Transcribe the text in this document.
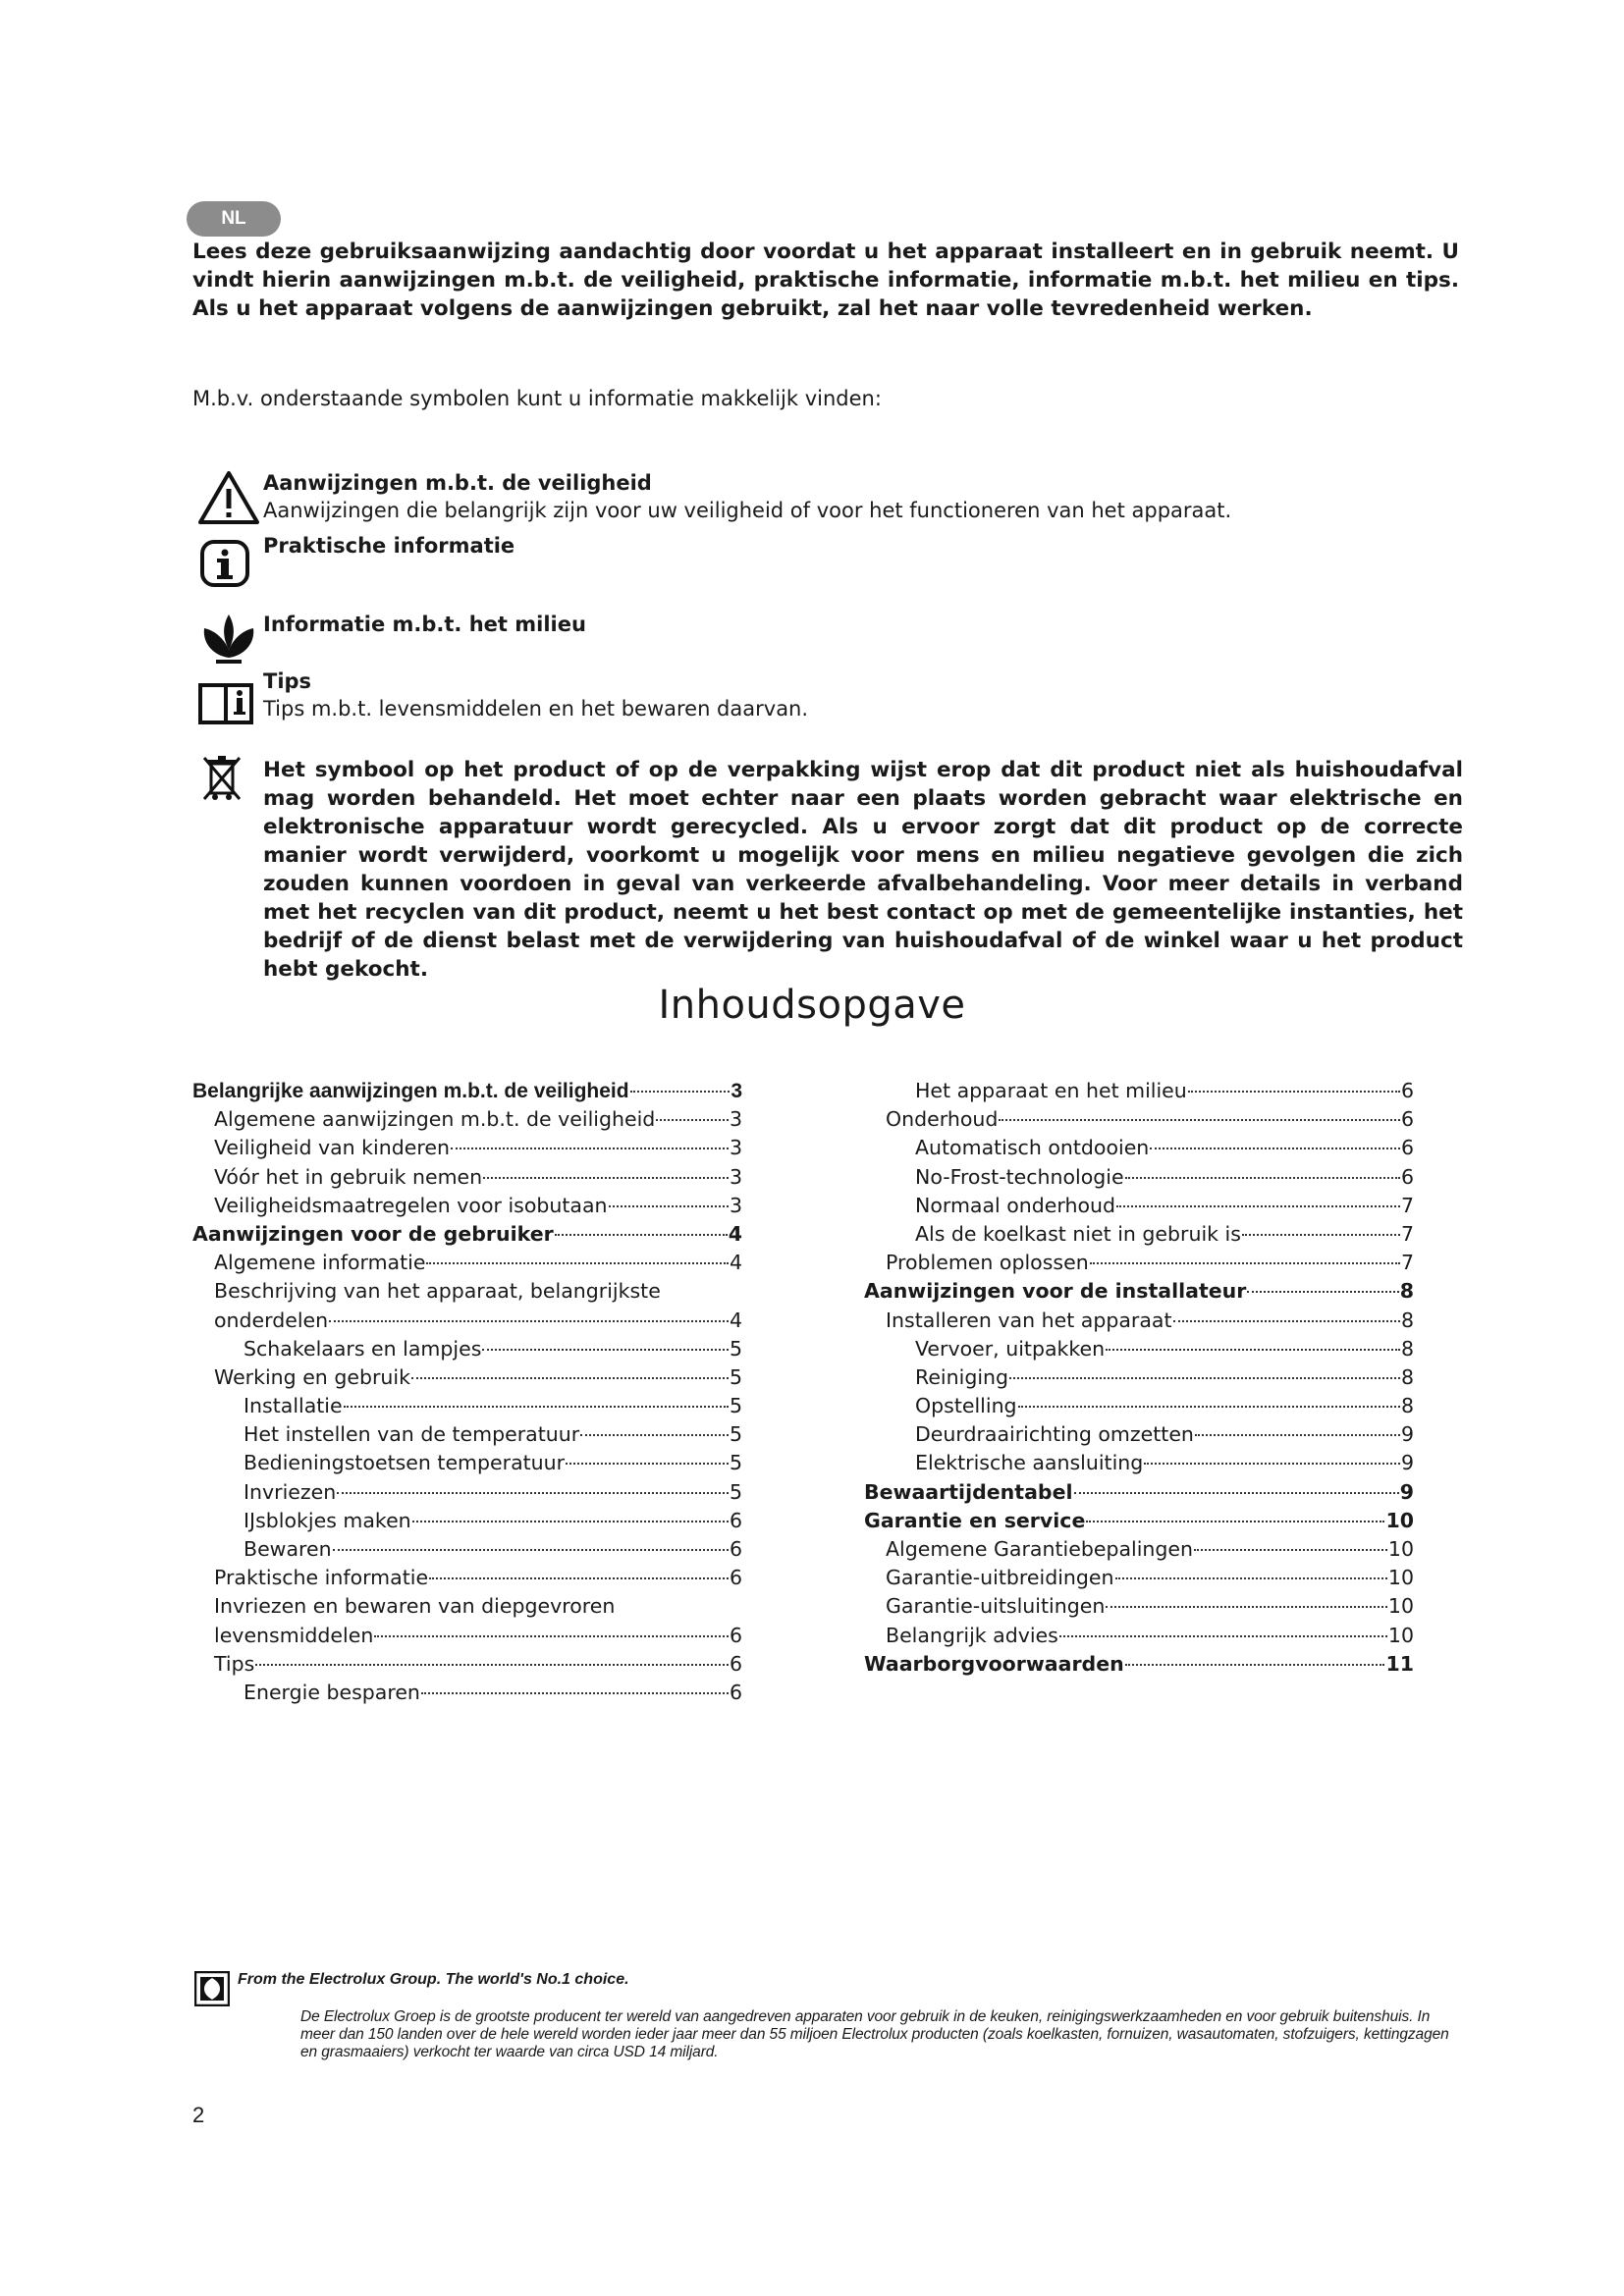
NL
Lees deze gebruiksaanwijzing aandachtig door voordat u het apparaat installeert en in gebruik neemt. U vindt hierin aanwijzingen m.b.t. de veiligheid, praktische informatie, informatie m.b.t. het milieu en tips. Als u het apparaat volgens de aanwijzingen gebruikt, zal het naar volle tevredenheid werken.
M.b.v. onderstaande symbolen kunt u informatie makkelijk vinden:
Aanwijzingen m.b.t. de veiligheid
Aanwijzingen die belangrijk zijn voor uw veiligheid of voor het functioneren van het apparaat.
Praktische informatie
Informatie m.b.t. het milieu
Tips
Tips m.b.t. levensmiddelen en het bewaren daarvan.
Het symbool op het product of op de verpakking wijst erop dat dit product niet als huishoudafval mag worden behandeld. Het moet echter naar een plaats worden gebracht waar elektrische en elektronische apparatuur wordt gerecycled. Als u ervoor zorgt dat dit product op de correcte manier wordt verwijderd, voorkomt u mogelijk voor mens en milieu negatieve gevolgen die zich zouden kunnen voordoen in geval van verkeerde afvalbehandeling. Voor meer details in verband met het recyclen van dit product, neemt u het best contact op met de gemeentelijke instanties, het bedrijf of de dienst belast met de verwijdering van huishoudafval of de winkel waar u het product hebt gekocht.
Inhoudsopgave
Belangrijke aanwijzingen m.b.t. de veiligheid	3
Algemene aanwijzingen m.b.t. de veiligheid	3
Veiligheid van kinderen	3
Vóór het in gebruik nemen	3
Veiligheidsmaatregelen voor isobutaan	3
Aanwijzingen voor de gebruiker	4
Algemene informatie	4
Beschrijving van het apparaat, belangrijkste
onderdelen	4
Schakelaars en lampjes	5
Werking en gebruik	5
Installatie	5
Het instellen van de temperatuur	5
Bedieningstoetsen temperatuur	5
Invriezen	5
IJsblokjes maken	6
Bewaren	6
Praktische informatie	6
Invriezen en bewaren van diepgevroren
levensmiddelen	6
Tips	6
Energie besparen	6
Het apparaat en het milieu	6
Onderhoud	6
Automatisch ontdooien	6
No-Frost-technologie	6
Normaal onderhoud	7
Als de koelkast niet in gebruik is	7
Problemen oplossen	7
Aanwijzingen voor de installateur	8
Installeren van het apparaat	8
Vervoer, uitpakken	8
Reiniging	8
Opstelling	8
Deurdraairichting omzetten	9
Elektrische aansluiting	9
Bewaartijdentabel	9
Garantie en service	10
Algemene Garantiebepalingen	10
Garantie-uitbreidingen	10
Garantie-uitsluitingen	10
Belangrijk advies	10
Waarborgvoorwaarden	11
From the Electrolux Group. The world's No.1 choice.
De Electrolux Groep is de grootste producent ter wereld van aangedreven apparaten voor gebruik in de keuken, reinigingswerkzaamheden en voor gebruik buitenshuis. In meer dan 150 landen over de hele wereld worden ieder jaar meer dan 55 miljoen Electrolux producten (zoals koelkasten, fornuizen, wasautomaten, stofzuigers, kettingzagen en grasmaaiers) verkocht ter waarde van circa USD 14 miljard.
2
